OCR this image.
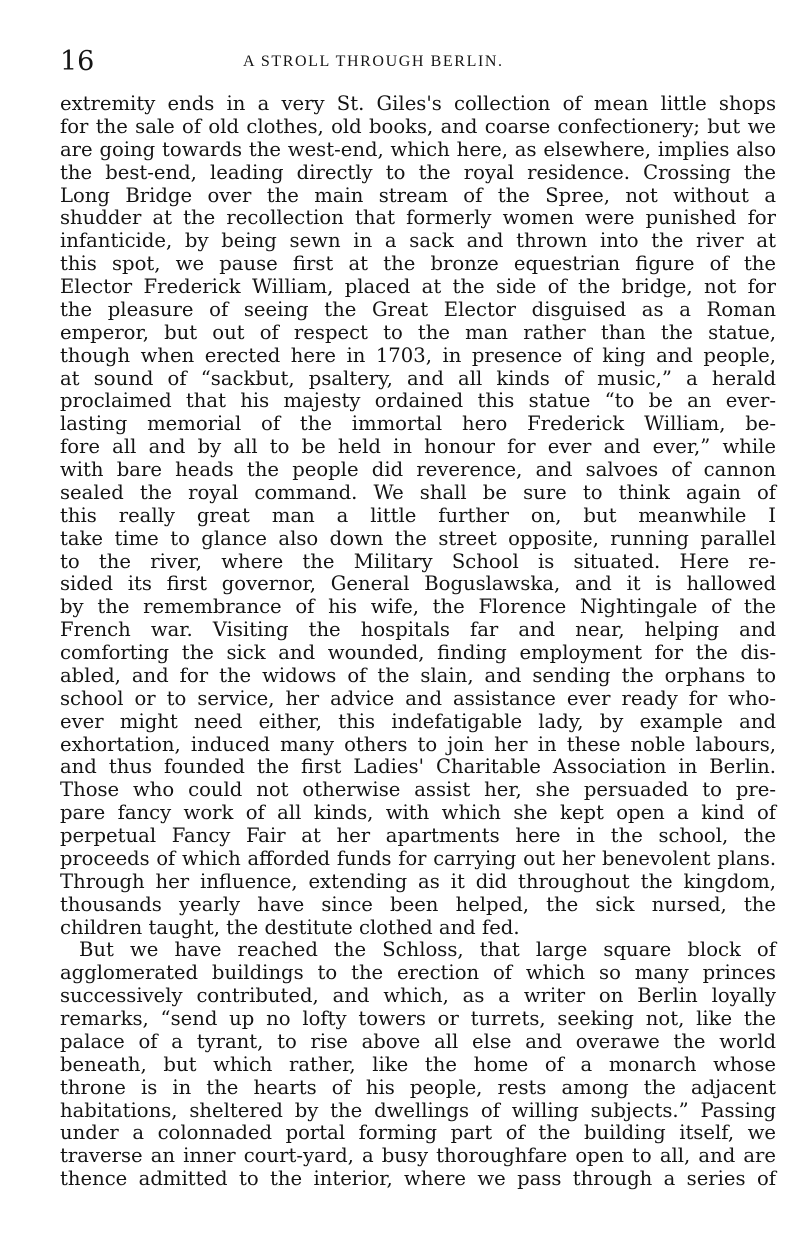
16	A STROLL THROUGH BERLIN.
extremity ends in a very St. Giles's collection of mean little shops
for the sale of old clothes, old books, and coarse confectionery; but we
are going towards the west-end, which here, as elsewhere, implies also
the best-end, leading directly to the royal residence. Crossing the
Long Bridge over the main stream of the Spree, not without a
shudder at the recollection that formerly women were punished for
infanticide, by being sewn in a sack and thrown into the river at
this spot, we pause first at the bronze equestrian figure of the
Elector Frederick William, placed at the side of the bridge, not for
the pleasure of seeing the Great Elector disguised as a Roman
emperor, but out of respect to the man rather than the statue,
though when erected here in 1703, in presence of king and people,
at sound of “sackbut, psaltery, and all kinds of music,” a herald
proclaimed that his majesty ordained this statue “to be an ever-
lasting memorial of the immortal hero Frederick William, be-
fore all and by all to be held in honour for ever and ever,” while
with bare heads the people did reverence, and salvoes of cannon
sealed the royal command. We shall be sure to think again of
this really great man a little further on, but meanwhile I
take time to glance also down the street opposite, running parallel
to the river, where the Military School is situated. Here re-
sided its first governor, General Boguslawska, and it is hallowed
by the remembrance of his wife, the Florence Nightingale of the
French war. Visiting the hospitals far and near, helping and
comforting the sick and wounded, finding employment for the dis-
abled, and for the widows of the slain, and sending the orphans to
school or to service, her advice and assistance ever ready for who-
ever might need either, this indefatigable lady, by example and
exhortation, induced many others to join her in these noble labours,
and thus founded the first Ladies' Charitable Association in Berlin.
Those who could not otherwise assist her, she persuaded to pre-
pare fancy work of all kinds, with which she kept open a kind of
perpetual Fancy Fair at her apartments here in the school, the
proceeds of which afforded funds for carrying out her benevolent plans.
Through her influence, extending as it did throughout the kingdom,
thousands yearly have since been helped, the sick nursed, the
children taught, the destitute clothed and fed.
But we have reached the Schloss, that large square block of
agglomerated buildings to the erection of which so many princes
successively contributed, and which, as a writer on Berlin loyally
remarks, “send up no lofty towers or turrets, seeking not, like the
palace of a tyrant, to rise above all else and overawe the world
beneath, but which rather, like the home of a monarch whose
throne is in the hearts of his people, rests among the adjacent
habitations, sheltered by the dwellings of willing subjects.” Passing
under a colonnaded portal forming part of the building itself, we
traverse an inner court-yard, a busy thoroughfare open to all, and are
thence admitted to the interior, where we pass through a series of
